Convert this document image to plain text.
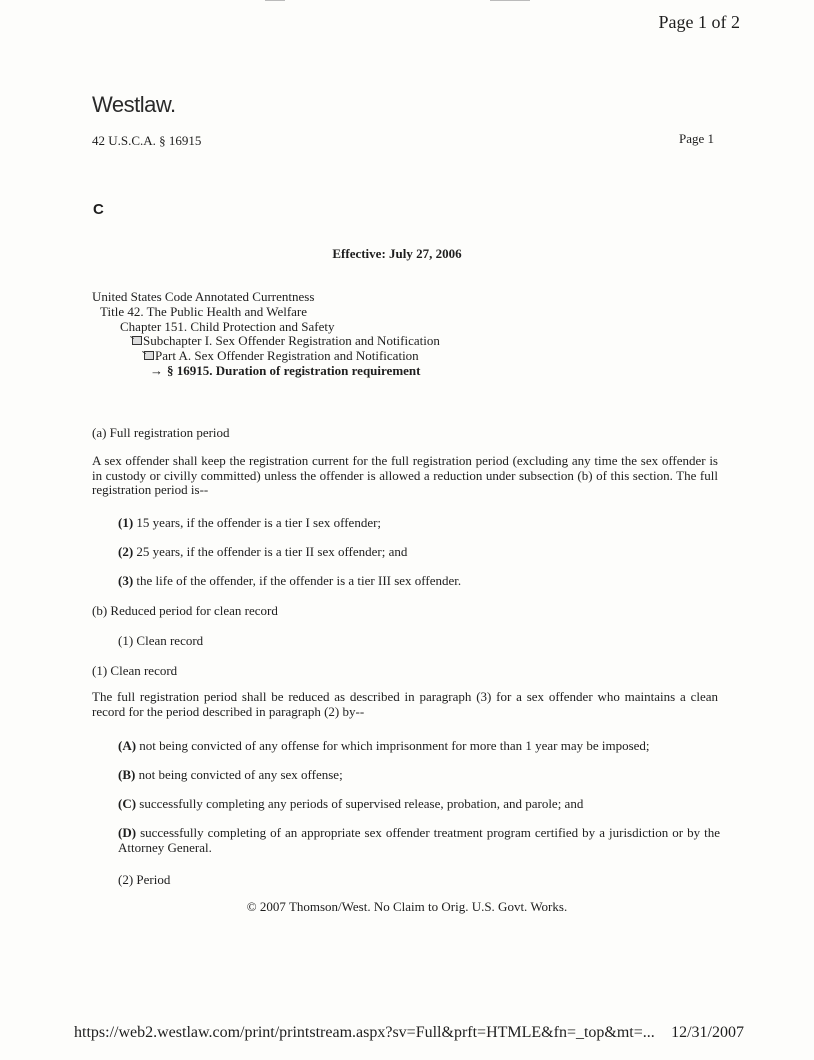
Page 1 of 2
Westlaw.
42 U.S.C.A. § 16915	Page 1
C
Effective: July 27, 2006
United States Code Annotated Currentness
Title 42. The Public Health and Welfare
Chapter 151. Child Protection and Safety
Subchapter I. Sex Offender Registration and Notification
Part A. Sex Offender Registration and Notification
→ § 16915. Duration of registration requirement
(a) Full registration period
A sex offender shall keep the registration current for the full registration period (excluding any time the sex offender is in custody or civilly committed) unless the offender is allowed a reduction under subsection (b) of this section. The full registration period is--
(1) 15 years, if the offender is a tier I sex offender;
(2) 25 years, if the offender is a tier II sex offender; and
(3) the life of the offender, if the offender is a tier III sex offender.
(b) Reduced period for clean record
(1) Clean record
(1) Clean record
The full registration period shall be reduced as described in paragraph (3) for a sex offender who maintains a clean record for the period described in paragraph (2) by--
(A) not being convicted of any offense for which imprisonment for more than 1 year may be imposed;
(B) not being convicted of any sex offense;
(C) successfully completing any periods of supervised release, probation, and parole; and
(D) successfully completing of an appropriate sex offender treatment program certified by a jurisdiction or by the Attorney General.
(2) Period
© 2007 Thomson/West. No Claim to Orig. U.S. Govt. Works.
https://web2.westlaw.com/print/printstream.aspx?sv=Full&prft=HTMLE&fn=_top&mt=... 12/31/2007
